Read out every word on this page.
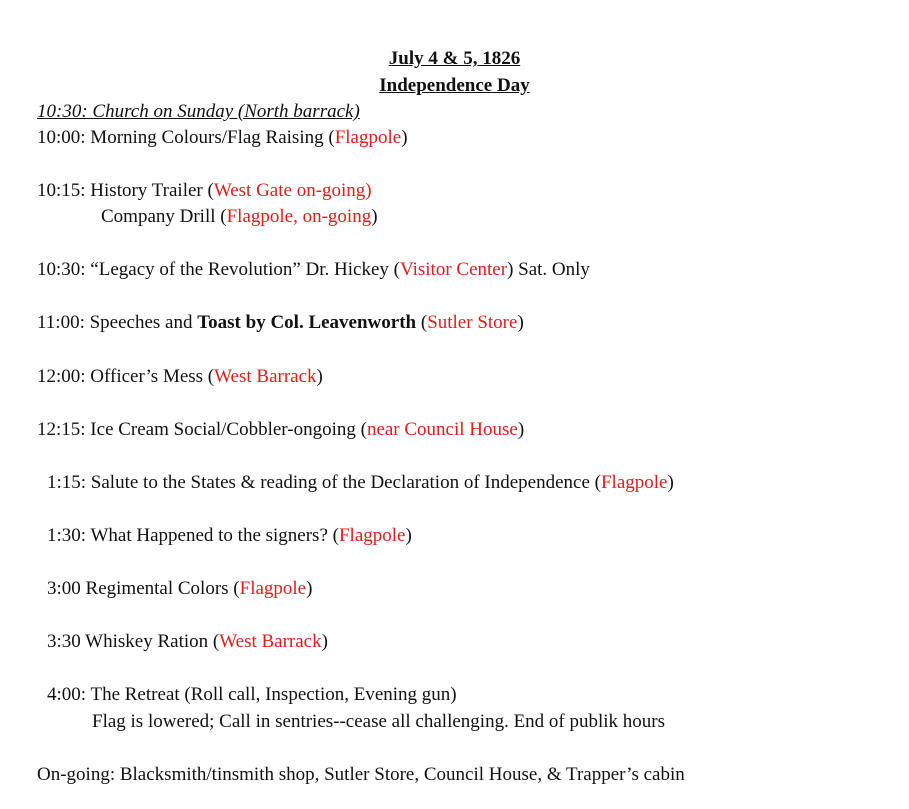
July 4 & 5, 1826
Independence Day
10:30: Church on Sunday (North barrack)
10:00: Morning Colours/Flag Raising (Flagpole)
10:15: History Trailer (West Gate on-going)
Company Drill (Flagpole, on-going)
10:30: “Legacy of the Revolution” Dr. Hickey (Visitor Center) Sat. Only
11:00: Speeches and Toast by Col. Leavenworth (Sutler Store)
12:00: Officer’s Mess (West Barrack)
12:15: Ice Cream Social/Cobbler-ongoing (near Council House)
1:15: Salute to the States & reading of the Declaration of Independence (Flagpole)
1:30: What Happened to the signers? (Flagpole)
3:00 Regimental Colors (Flagpole)
3:30 Whiskey Ration (West Barrack)
4:00: The Retreat (Roll call, Inspection, Evening gun)
Flag is lowered; Call in sentries--cease all challenging. End of publik hours
On-going: Blacksmith/tinsmith shop, Sutler Store, Council House, & Trapper’s cabin
